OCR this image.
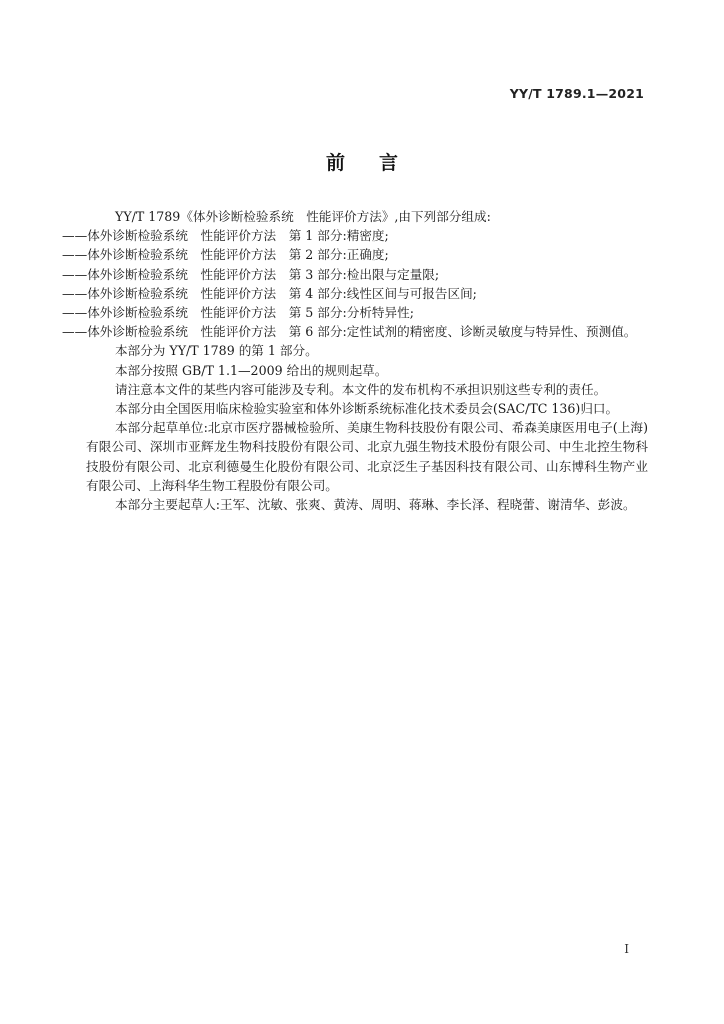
YY/T 1789.1—2021
前言

YY/T 1789《体外诊断检验系统　性能评价方法》,由下列部分组成:

——体外诊断检验系统　性能评价方法　第 1 部分:精密度;

——体外诊断检验系统　性能评价方法　第 2 部分:正确度;

——体外诊断检验系统　性能评价方法　第 3 部分:检出限与定量限;

——体外诊断检验系统　性能评价方法　第 4 部分:线性区间与可报告区间;

——体外诊断检验系统　性能评价方法　第 5 部分:分析特异性;

——体外诊断检验系统　性能评价方法　第 6 部分:定性试剂的精密度、诊断灵敏度与特异性、预测值。

本部分为 YY/T 1789 的第 1 部分。

本部分按照 GB/T 1.1—2009 给出的规则起草。

请注意本文件的某些内容可能涉及专利。本文件的发布机构不承担识别这些专利的责任。

本部分由全国医用临床检验实验室和体外诊断系统标准化技术委员会(SAC/TC 136)归口。

本部分起草单位:北京市医疗器械检验所、美康生物科技股份有限公司、希森美康医用电子(上海)有限公司、深圳市亚辉龙生物科技股份有限公司、北京九强生物技术股份有限公司、中生北控生物科技股份有限公司、北京利德曼生化股份有限公司、北京泛生子基因科技有限公司、山东博科生物产业有限公司、上海科华生物工程股份有限公司。

本部分主要起草人:王军、沈敏、张爽、黄涛、周明、蒋琳、李长泽、程晓蕾、谢清华、彭波。

I
